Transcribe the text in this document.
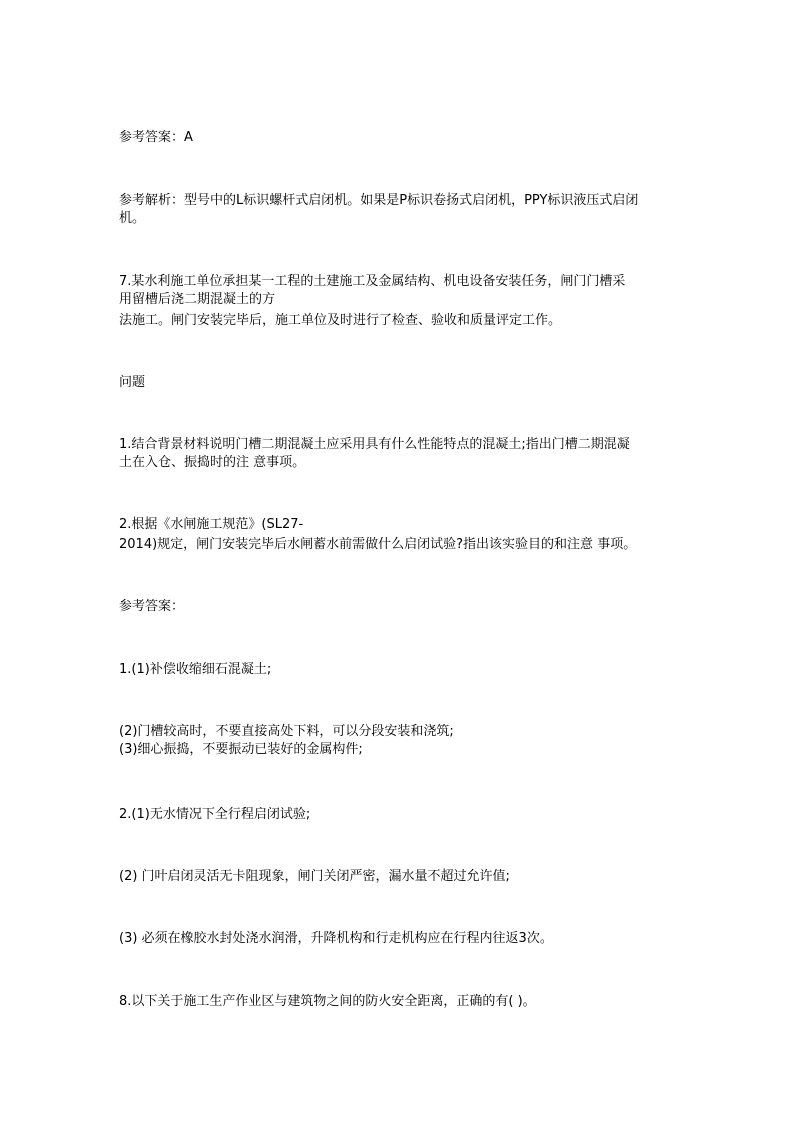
参考答案：A
参考解析：型号中的L标识螺杆式启闭机。如果是P标识卷扬式启闭机，PPY标识液压式启闭
机。
7.某水利施工单位承担某一工程的土建施工及金属结构、机电设备安装任务，闸门门槽采
用留槽后浇二期混凝土的方
法施工。闸门安装完毕后，施工单位及时进行了检查、验收和质量评定工作。
问题
1.结合背景材料说明门槽二期混凝土应采用具有什么性能特点的混凝土;指出门槽二期混凝
土在入仓、振捣时的注 意事项。
2.根据《水闸施工规范》(SL27-
2014)规定，闸门安装完毕后水闸蓄水前需做什么启闭试验?指出该实验目的和注意 事项。
参考答案：
1.(1)补偿收缩细石混凝土;
(2)门槽较高时，不要直接高处下料，可以分段安装和浇筑;
(3)细心振捣，不要振动已装好的金属构件;
2.(1)无水情况下全行程启闭试验;
(2) 门叶启闭灵活无卡阻现象，闸门关闭严密，漏水量不超过允许值;
(3) 必须在橡胶水封处浇水润滑，升降机构和行走机构应在行程内往返3次。
8.以下关于施工生产作业区与建筑物之间的防火安全距离，正确的有( )。
